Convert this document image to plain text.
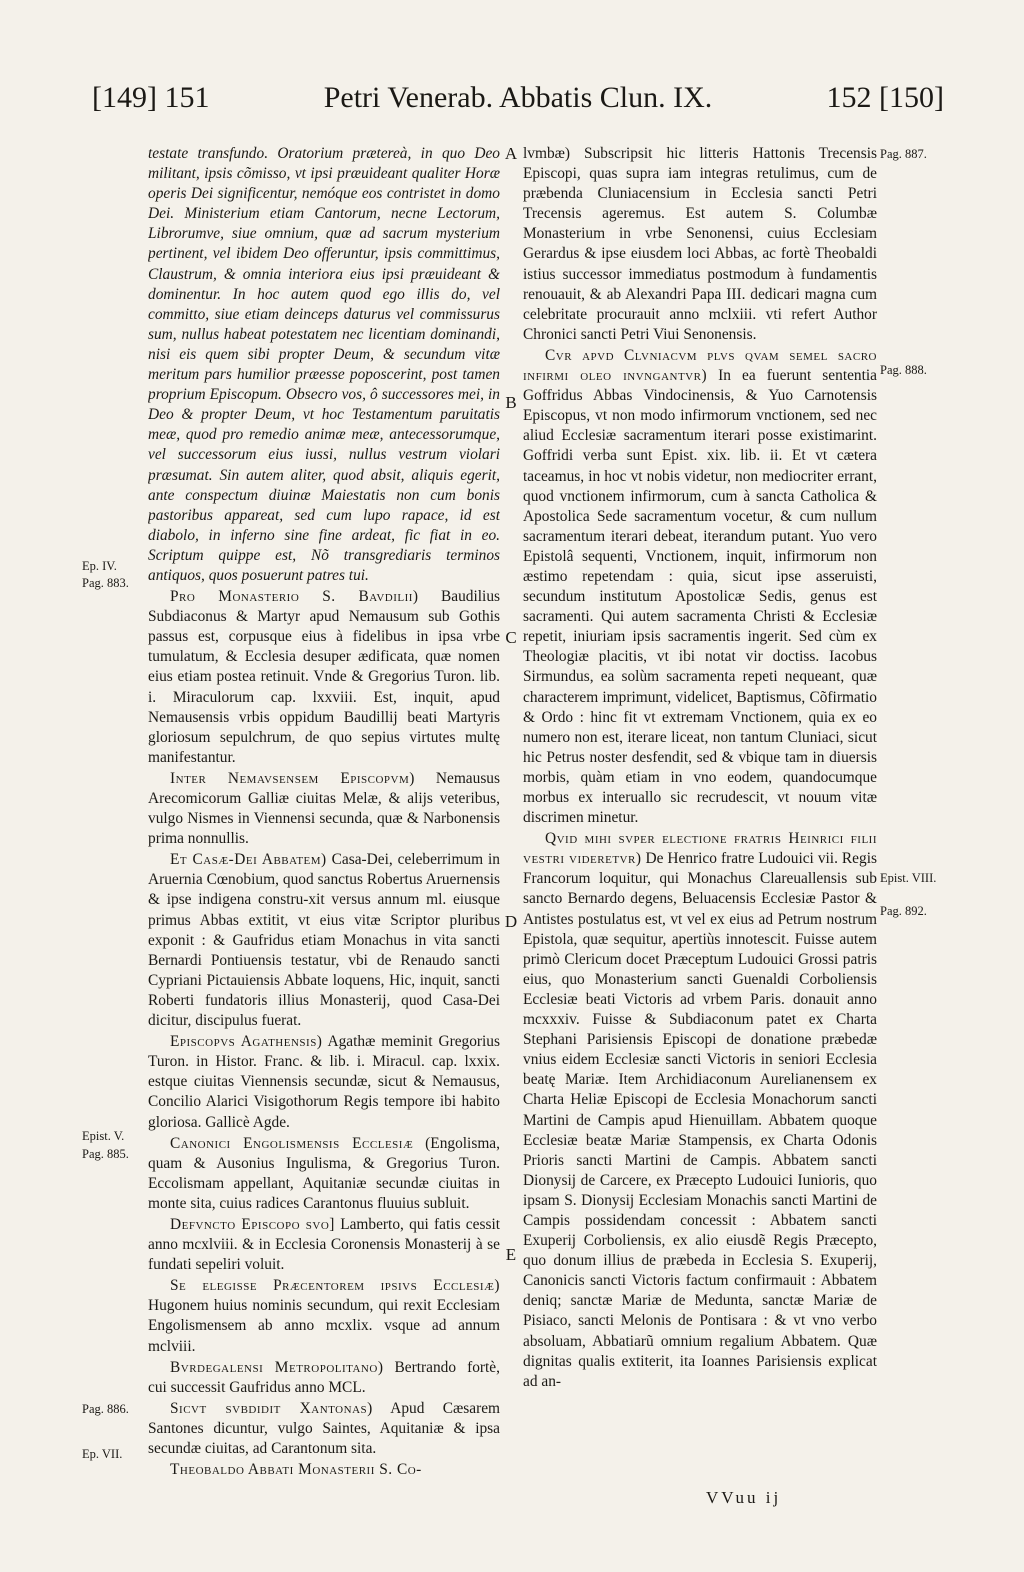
[149] 151	Petri Venerab. Abbatis Clun. IX.	152 [150]

testate transfundo. Oratorium prætereà, in quo Deo militant, ipsis cõmisso, vt ipsi præuideant qualiter Horæ operis Dei significentur, nemóque eos contristet in domo Dei. Ministerium etiam Cantorum, necne Lectorum, Librorumve, siue omnium, quæ ad sacrum mysterium pertinent, vel ibidem Deo offeruntur, ipsis committimus, Claustrum, & omnia interiora eius ipsi præuideant & dominentur. In hoc autem quod ego illis do, vel committo, siue etiam deinceps daturus vel commissurus sum, nullus habeat potestatem nec licentiam dominandi, nisi eis quem sibi propter Deum, & secundum vitæ meritum pars humilior præesse poposcerint, post tamen proprium Episcopum. Obsecro vos, ô successores mei, in Deo & propter Deum, vt hoc Testamentum paruitatis meæ, quod pro remedio animæ meæ, antecessorumque, vel successorum eius iussi, nullus vestrum violari præsumat. Sin autem aliter, quod absit, aliquis egerit, ante conspectum diuinæ Maiestatis non cum bonis pastoribus appareat, sed cum lupo rapace, id est diabolo, in inferno sine fine ardeat, fic fiat in eo. Scriptum quippe est, Nõ transgrediaris terminos antiquos, quos posuerunt patres tui.

Pro Monasterio S. Bavdilii) Baudilius Subdiaconus & Martyr apud Nemausum sub Gothis passus est, corpusque eius à fidelibus in ipsa vrbe tumulatum, & Ecclesia desuper ædificata, quæ nomen eius etiam postea retinuit. Vnde & Gregorius Turon. lib. i. Miraculorum cap. lxxviii. Est, inquit, apud Nemausensis vrbis oppidum Baudillij beati Martyris gloriosum sepulchrum, de quo sepius virtutes multę manifestantur.

Inter Nemavsensem Episcopvm) Nemausus Arecomicorum Galliæ ciuitas Melæ, & alijs veteribus, vulgo Nismes in Viennensi secunda, quæ & Narbonensis prima nonnullis.

Et Casæ-Dei Abbatem) Casa-Dei, celeberrimum in Aruernia Cœnobium, quod sanctus Robertus Aruernensis & ipse indigena constru-xit versus annum ml. eiusque primus Abbas extitit, vt eius vitæ Scriptor pluribus exponit : & Gaufridus etiam Monachus in vita sancti Bernardi Pontiuensis testatur, vbi de Renaudo sancti Cypriani Pictauiensis Abbate loquens, Hic, inquit, sancti Roberti fundatoris illius Monasterij, quod Casa-Dei dicitur, discipulus fuerat.

Episcopvs Agathensis) Agathæ meminit Gregorius Turon. in Histor. Franc. & lib. i. Miracul. cap. lxxix. estque ciuitas Viennensis secundæ, sicut & Nemausus, Concilio Alarici Visigothorum Regis tempore ibi habito gloriosa. Gallicè Agde.

Canonici Engolismensis Ecclesiæ (Engolisma, quam & Ausonius Ingulisma, & Gregorius Turon. Eccolismam appellant, Aquitaniæ secundæ ciuitas in monte sita, cuius radices Carantonus fluuius subluit.

Defvncto Episcopo svo] Lamberto, qui fatis cessit anno mcxlviii. & in Ecclesia Coronensis Monasterij à se fundati sepeliri voluit.

Se elegisse Præcentorem ipsivs Ecclesiæ) Hugonem huius nominis secundum, qui rexit Ecclesiam Engolismensem ab anno mcxlix. vsque ad annum mclviii.

Bvrdegalensi Metropolitano) Bertrando fortè, cui successit Gaufridus anno MCL.

Sicvt svbdidit Xantonas) Apud Cæsarem Santones dicuntur, vulgo Saintes, Aquitaniæ & ipsa secundæ ciuitas, ad Carantonum sita.

Theobaldo Abbati Monasterii S. Co-

lvmbæ) Subscripsit hic litteris Hattonis Trecensis Episcopi, quas supra iam integras retulimus, cum de præbenda Cluniacensium in Ecclesia sancti Petri Trecensis ageremus. Est autem S. Columbæ Monasterium in vrbe Senonensi, cuius Ecclesiam Gerardus & ipse eiusdem loci Abbas, ac fortè Theobaldi istius successor immediatus postmodum à fundamentis renouauit, & ab Alexandri Papa III. dedicari magna cum celebritate procurauit anno mclxiii. vti refert Author Chronici sancti Petri Viui Senonensis.

Cvr apvd Clvniacvm plvs qvam semel sacro infirmi oleo invngantvr) In ea fuerunt sententia Goffridus Abbas Vindocinensis, & Yuo Carnotensis Episcopus, vt non modo infirmorum vnctionem, sed nec aliud Ecclesiæ sacramentum iterari posse existimarint. Goffridi verba sunt Epist. xix. lib. ii. Et vt cætera taceamus, in hoc vt nobis videtur, non mediocriter errant, quod vnctionem infirmorum, cum à sancta Catholica & Apostolica Sede sacramentum vocetur, & cum nullum sacramentum iterari debeat, iterandum putant. Yuo vero Epistolâ sequenti, Vnctionem, inquit, infirmorum non æstimo repetendam : quia, sicut ipse asseruisti, secundum institutum Apostolicæ Sedis, genus est sacramenti. Qui autem sacramenta Christi & Ecclesiæ repetit, iniuriam ipsis sacramentis ingerit. Sed cùm ex Theologiæ placitis, vt ibi notat vir doctiss. Iacobus Sirmundus, ea solùm sacramenta repeti nequeant, quæ characterem imprimunt, videlicet, Baptismus, Cõfirmatio & Ordo : hinc fit vt extremam Vnctionem, quia ex eo numero non est, iterare liceat, non tantum Cluniaci, sicut hic Petrus noster desfendit, sed & vbique tam in diuersis morbis, quàm etiam in vno eodem, quandocumque morbus ex interuallo sic recrudescit, vt nouum vitæ discrimen minetur.

Qvid mihi svper electione fratris Heinrici filii vestri videretvr) De Henrico fratre Ludouici vii. Regis Francorum loquitur, qui Monachus Clareuallensis sub sancto Bernardo degens, Beluacensis Ecclesiæ Pastor & Antistes postulatus est, vt vel ex eius ad Petrum nostrum Epistola, quæ sequitur, apertiùs innotescit. Fuisse autem primò Clericum docet Præceptum Ludouici Grossi patris eius, quo Monasterium sancti Guenaldi Corboliensis Ecclesiæ beati Victoris ad vrbem Paris. donauit anno mcxxxiv. Fuisse & Subdiaconum patet ex Charta Stephani Parisiensis Episcopi de donatione præbedæ vnius eidem Ecclesiæ sancti Victoris in seniori Ecclesia beatę Mariæ. Item Archidiaconum Aurelianensem ex Charta Heliæ Episcopi de Ecclesia Monachorum sancti Martini de Campis apud Hienuillam. Abbatem quoque Ecclesiæ beatæ Mariæ Stampensis, ex Charta Odonis Prioris sancti Martini de Campis. Abbatem sancti Dionysij de Carcere, ex Præcepto Ludouici Iunioris, quo ipsam S. Dionysij Ecclesiam Monachis sancti Martini de Campis possidendam concessit : Abbatem sancti Exuperij Corboliensis, ex alio eiusdẽ Regis Præcepto, quo donum illius de præbeda in Ecclesia S. Exuperij, Canonicis sancti Victoris factum confirmauit : Abbatem deniq; sanctæ Mariæ de Medunta, sanctæ Mariæ de Pisiaco, sancti Melonis de Pontisara : & vt vno verbo absoluam, Abbatiarũ omnium regalium Abbatem. Quæ dignitas qualis extiterit, ita Ioannes Parisiensis explicat ad an-

A
B
C
D
E
Ep. IV.
Pag. 883.
Epist. V.
Pag. 885.
Pag. 886.
Ep. VII.
Pag. 887.
Pag. 888.
Epist. VIII.
Pag. 892.
VVuu ij
